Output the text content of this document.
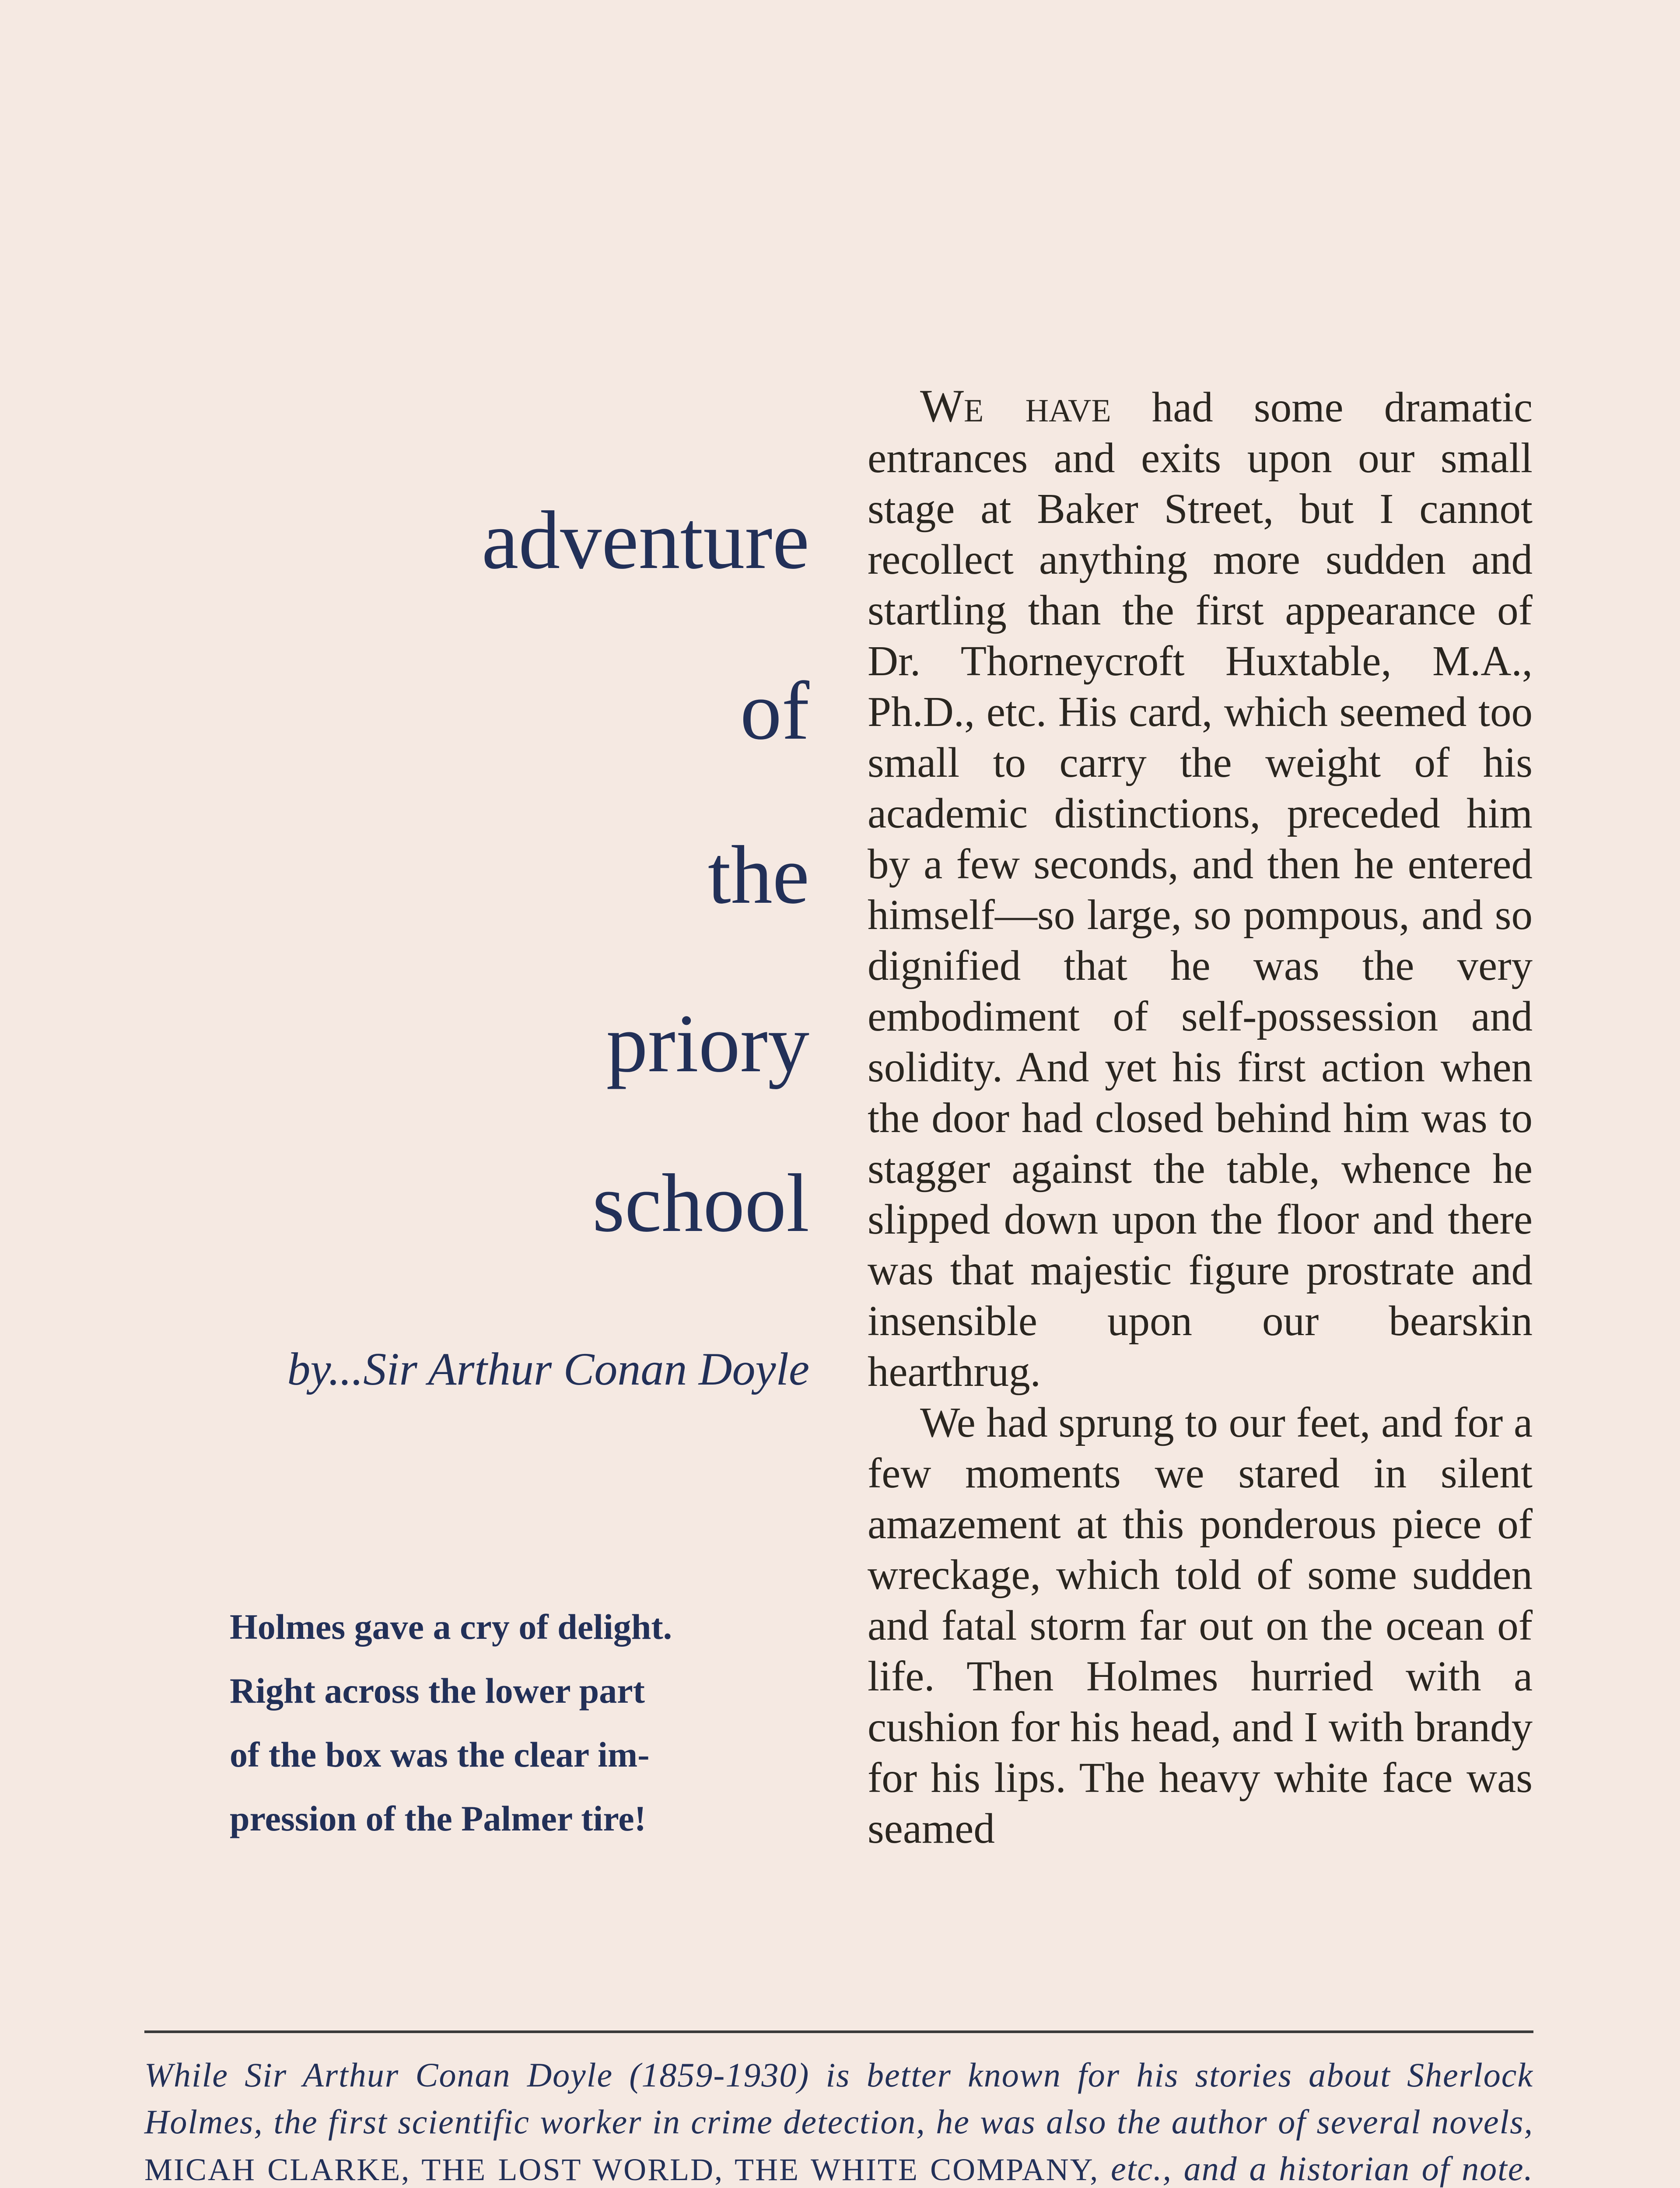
adventure
of
the
priory
school
by...Sir Arthur Conan Doyle
Holmes gave a cry of delight.
Right across the lower part
of the box was the clear im-
pression of the Palmer tire!

We have had some dramatic entrances and exits upon our small stage at Baker Street, but I cannot recollect anything more sudden and startling than the first appearance of Dr. Thorneycroft Huxtable, M.A., Ph.D., etc. His card, which seemed too small to carry the weight of his academic distinctions, preceded him by a few seconds, and then he entered himself—so large, so pompous, and so dignified that he was the very embodiment of self-possession and solidity. And yet his first action when the door had closed behind him was to stagger against the table, whence he slipped down upon the floor and there was that majestic figure prostrate and insensible upon our bearskin hearthrug.

We had sprung to our feet, and for a few moments we stared in silent amazement at this ponderous piece of wreckage, which told of some sudden and fatal storm far out on the ocean of life. Then Holmes hurried with a cushion for his head, and I with brandy for his lips. The heavy white face was seamed

While Sir Arthur Conan Doyle (1859-1930) is better known for his stories about Sherlock Holmes, the first scientific worker in crime detection, he was also the author of several novels, MICAH CLARKE, THE LOST WORLD, THE WHITE COMPANY, etc., and a historian of note.
